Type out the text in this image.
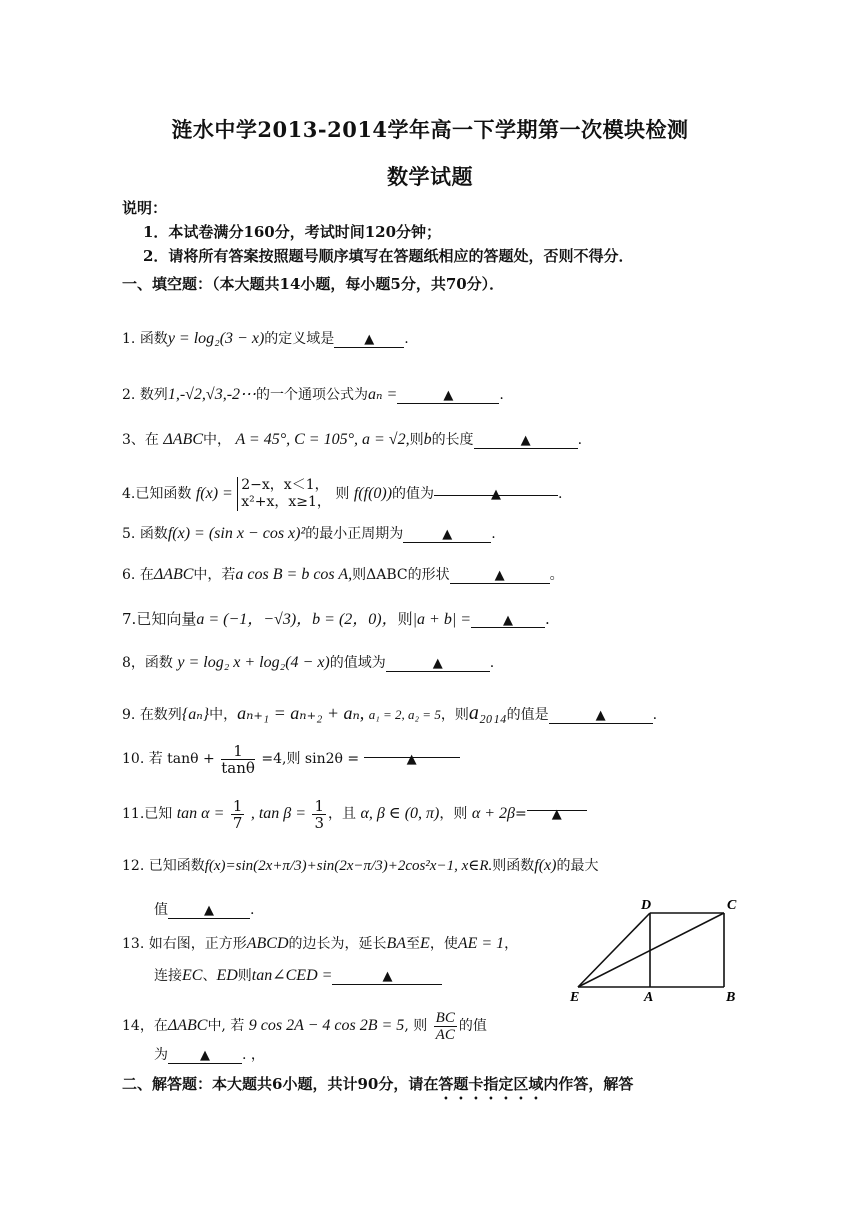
涟水中学2013-2014学年高一下学期第一次模块检测
数学试题
说明：
1．本试卷满分160分，考试时间120分钟；
2．请将所有答案按照题号顺序填写在答题纸相应的答题处，否则不得分．
一、填空题：（本大题共14小题，每小题5分，共70分）．
1. 函数y = log₂(3 − x)的定义域是 ▲ .
2. 数列1,-√2,√3,-2⋯的一个通项公式为aₙ =	▲	.
3、在 ΔABC中， A = 45°, C = 105°, a = √2,则b的长度	▲	.
4.已知函数 f(x) = 2−x，x＜1，
x²+x，x≥1， 则 f(f(0))的值为	▲	.
5. 函数f(x) = (sin x − cos x)²的最小正周期为	▲	.
6. 在ΔABC中，若a cos B = b cos A,则ΔABC的形状	▲	。
7.已知向量a = (−1，−√3)，b = (2，0)，则|a + b| = ▲ .
8，函数 y = log₂ x + log₂(4 − x)的值域为	▲	.
9. 在数列{aₙ}中，aₙ₊₁ = aₙ₊₂ + aₙ, a₁ = 2, a₂ = 5，则a₂₀₁₄的值是	▲	.
10. 若 $\tan\theta + \frac{1}{\tan\theta} =4$,则 sin2θ =	▲
11.已知 $\tan \alpha = \frac{1}{7}$ , $\tan \beta = \frac{1}{3}$ ，且 α, β ∈ (0, π)，则 α + 2β= ▲
12. 已知函数f(x)=sin(2x+π/3)+sin(2x−π/3)+2cos²x−1, x∈R.则函数f(x)的最大
值	▲	.
13. 如右图，正方形ABCD的边长为，延长BA至E，使AE = 1，
连接EC、ED则tan∠CED =	▲
14，在ΔABC中, 若 9 cos 2A − 4 cos 2B = 5, 则 $\frac{BC}{AC}$ 的值
为 ▲ . ，
D	C
E	A	B
二、解答题：本大题共6小题，共计90分，请在答题卡指定区域内作答，解答
